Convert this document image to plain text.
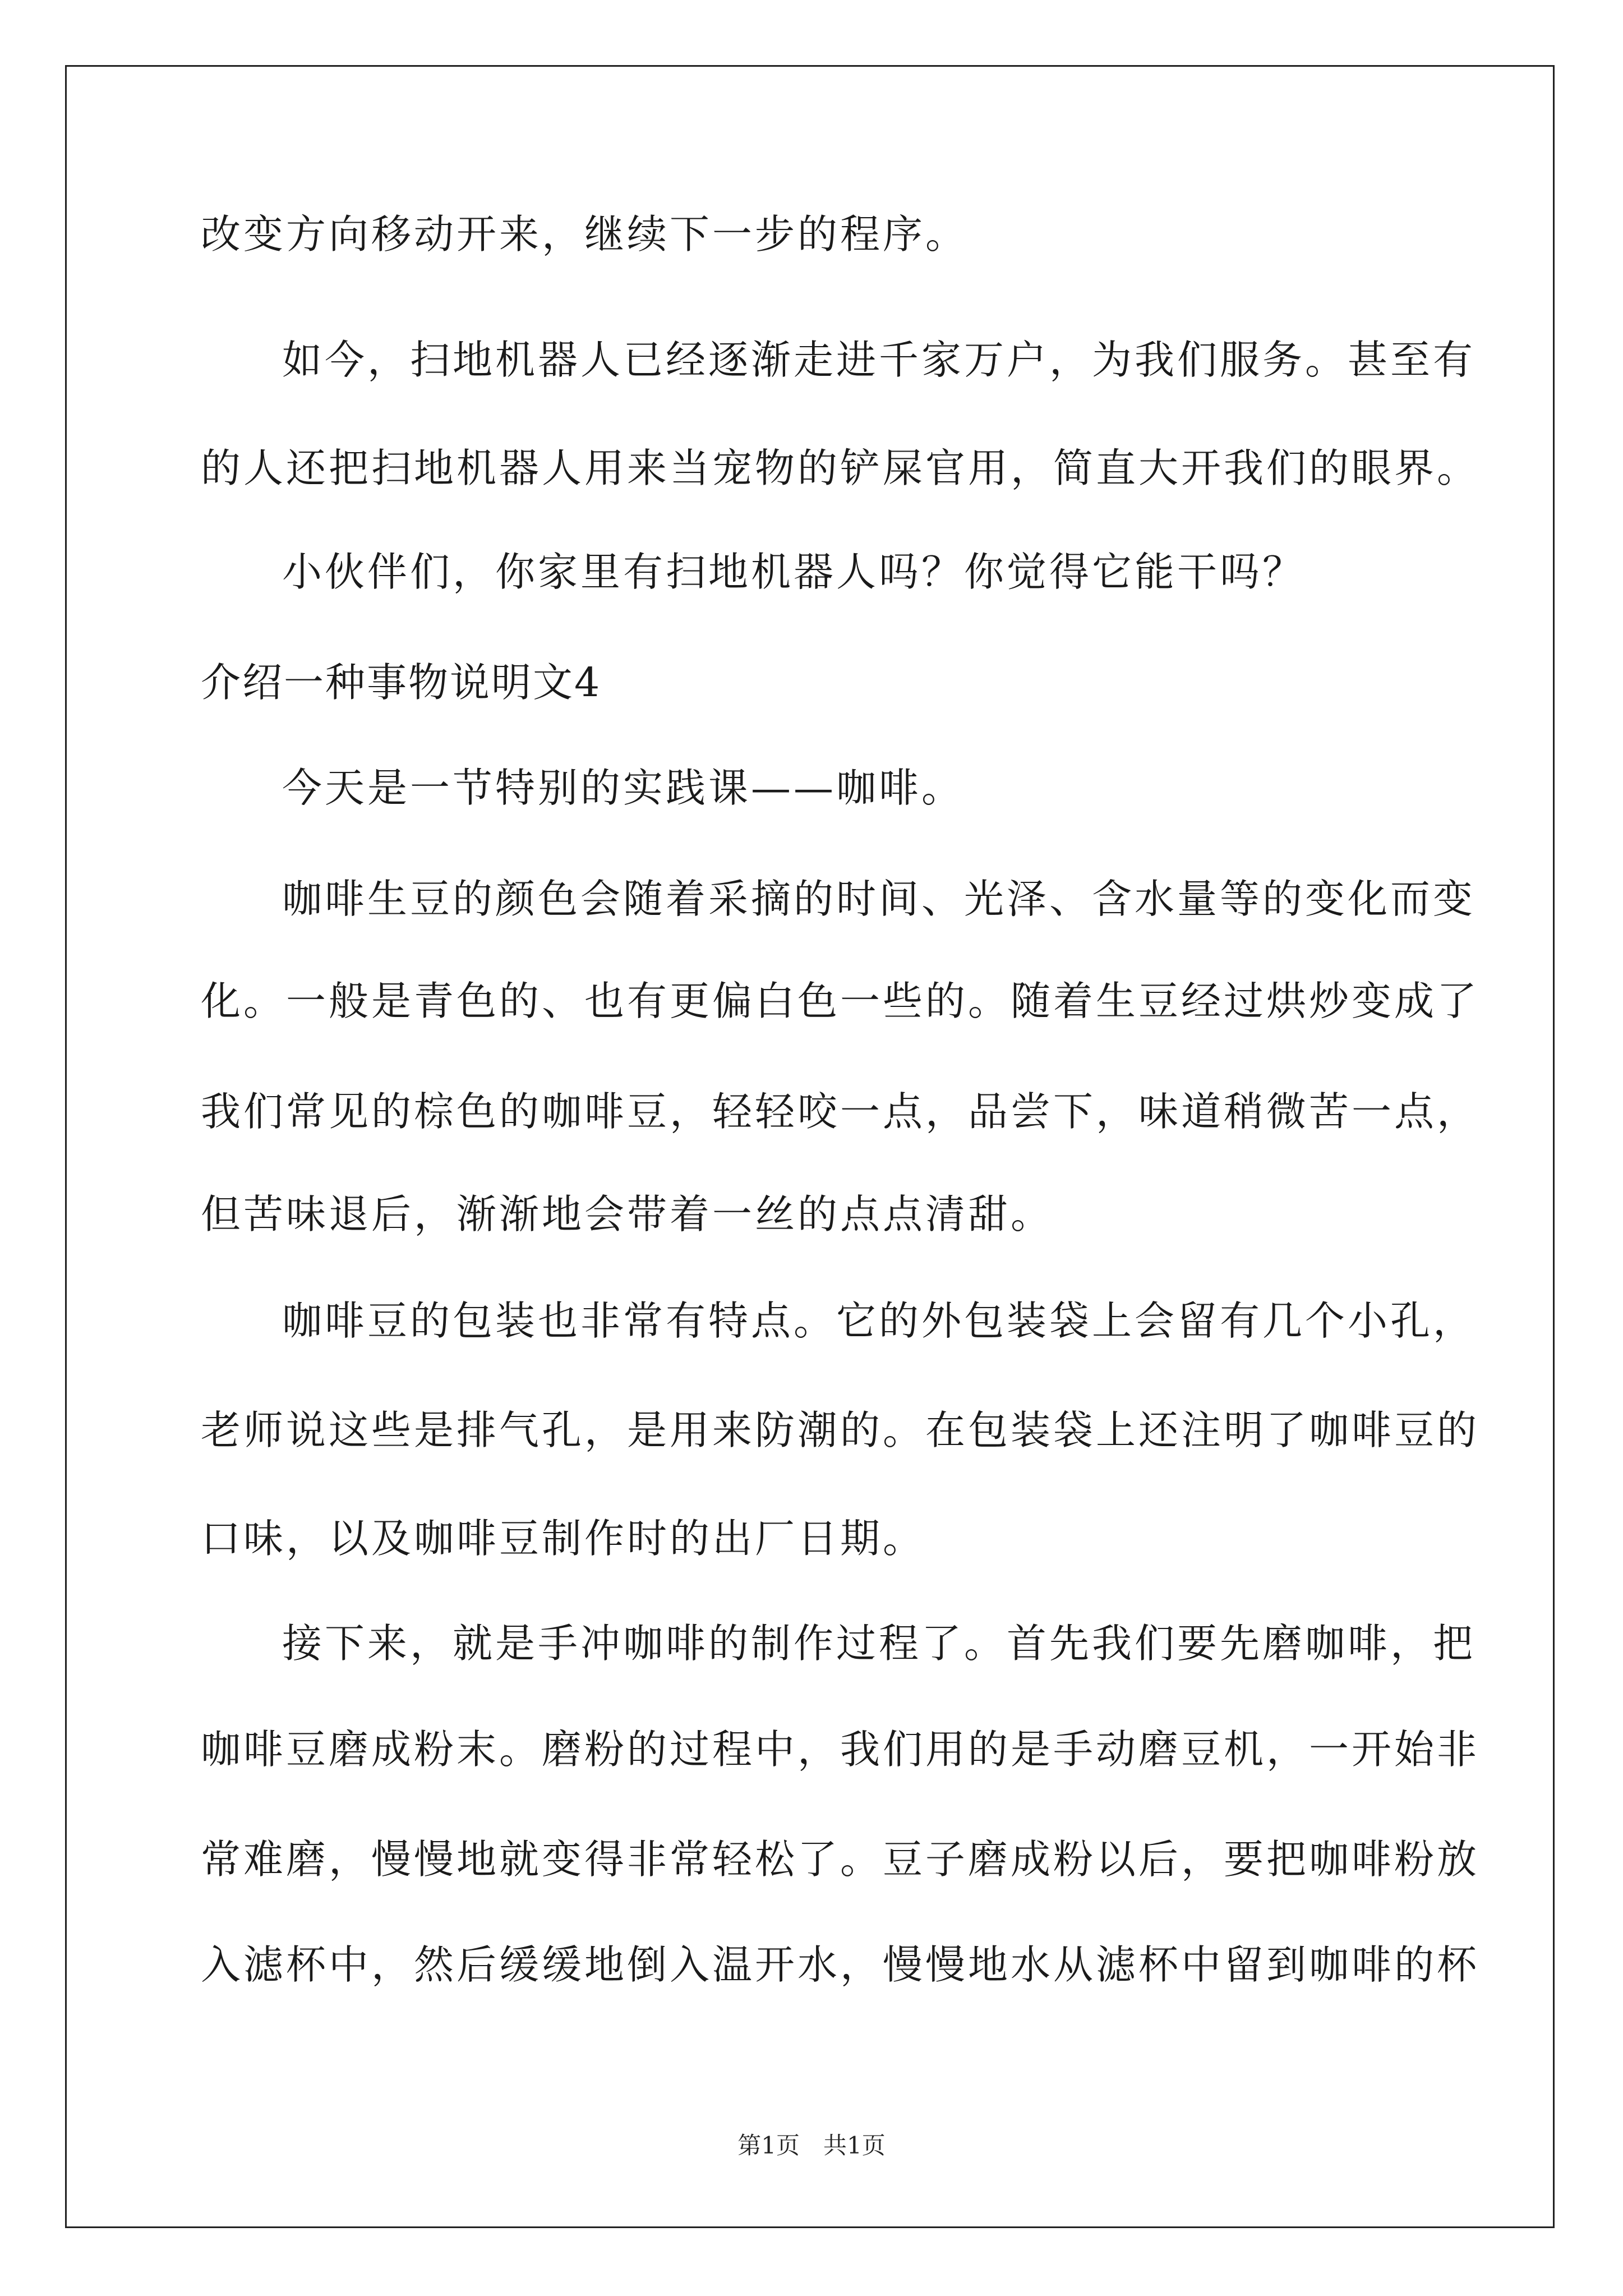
改变方向移动开来，继续下一步的程序。
如今，扫地机器人已经逐渐走进千家万户，为我们服务。甚至有
的人还把扫地机器人用来当宠物的铲屎官用，简直大开我们的眼界。
小伙伴们，你家里有扫地机器人吗？你觉得它能干吗？
介绍一种事物说明文4
今天是一节特别的实践课——咖啡。
咖啡生豆的颜色会随着采摘的时间、光泽、含水量等的变化而变
化。一般是青色的、也有更偏白色一些的。随着生豆经过烘炒变成了
我们常见的棕色的咖啡豆，轻轻咬一点，品尝下，味道稍微苦一点，
但苦味退后，渐渐地会带着一丝的点点清甜。
咖啡豆的包装也非常有特点。它的外包装袋上会留有几个小孔，
老师说这些是排气孔，是用来防潮的。在包装袋上还注明了咖啡豆的
口味，以及咖啡豆制作时的出厂日期。
接下来，就是手冲咖啡的制作过程了。首先我们要先磨咖啡，把
咖啡豆磨成粉末。磨粉的过程中，我们用的是手动磨豆机，一开始非
常难磨，慢慢地就变得非常轻松了。豆子磨成粉以后，要把咖啡粉放
入滤杯中，然后缓缓地倒入温开水，慢慢地水从滤杯中留到咖啡的杯
第1页　共1页
